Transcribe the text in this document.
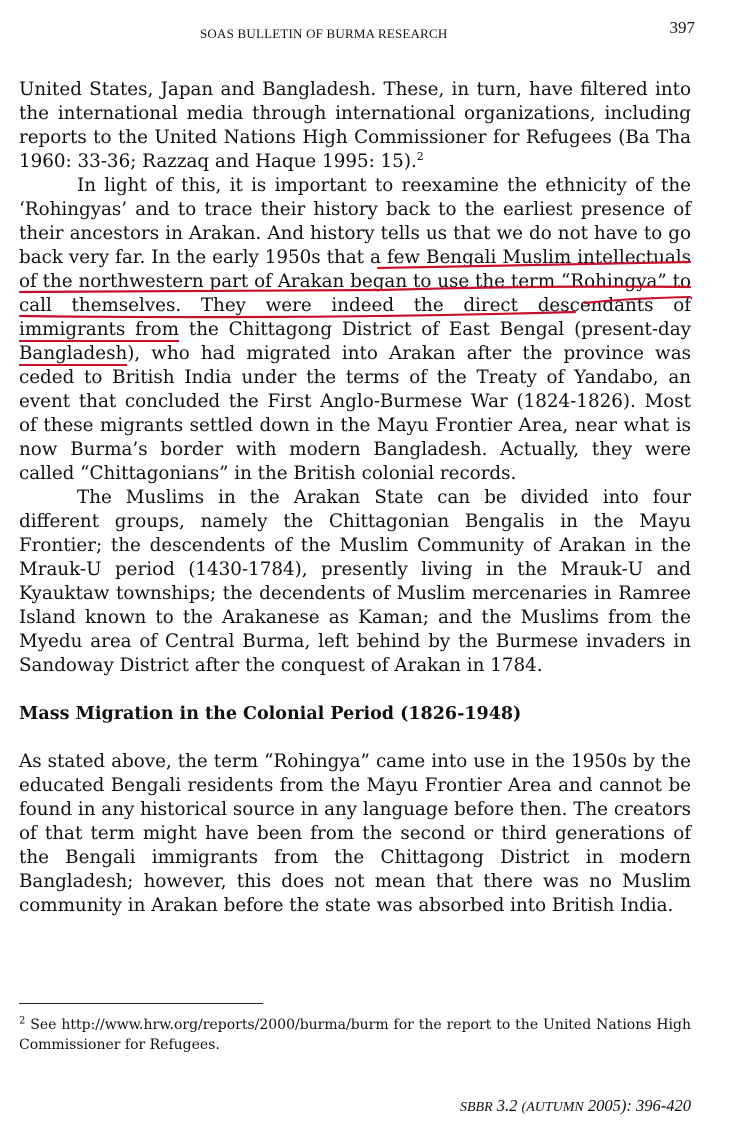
SOAS BULLETIN OF BURMA RESEARCH	397

United States, Japan and Bangladesh. These, in turn, have filtered into the international media through international organizations, including reports to the United Nations High Commissioner for Refugees (Ba Tha 1960: 33-36; Razzaq and Haque 1995: 15).$^2$

In light of this, it is important to reexamine the ethnicity of the ‘Rohingyas’ and to trace their history back to the earliest presence of their ancestors in Arakan. And history tells us that we do not have to go back very far. In the early 1950s that a few Bengali Muslim intellectuals of the northwestern part of Arakan began to use the term “Rohingya” to call themselves. They were indeed the direct descendants of immigrants from the Chittagong District of East Bengal (present-day Bangladesh), who had migrated into Arakan after the province was ceded to British India under the terms of the Treaty of Yandabo, an event that concluded the First Anglo-Burmese War (1824-1826). Most of these migrants settled down in the Mayu Frontier Area, near what is now Burma’s border with modern Bangladesh. Actually, they were called “Chittagonians” in the British colonial records.

The Muslims in the Arakan State can be divided into four different groups, namely the Chittagonian Bengalis in the Mayu Frontier; the descendents of the Muslim Community of Arakan in the Mrauk-U period (1430-1784), presently living in the Mrauk-U and Kyauktaw townships; the decendents of Muslim mercenaries in Ramree Island known to the Arakanese as Kaman; and the Muslims from the Myedu area of Central Burma, left behind by the Burmese invaders in Sandoway District after the conquest of Arakan in 1784.

Mass Migration in the Colonial Period (1826-1948)

As stated above, the term “Rohingya” came into use in the 1950s by the educated Bengali residents from the Mayu Frontier Area and cannot be found in any historical source in any language before then. The creators of that term might have been from the second or third generations of the Bengali immigrants from the Chittagong District in modern Bangladesh; however, this does not mean that there was no Muslim community in Arakan before the state was absorbed into British India.

$^2$ See http://www.hrw.org/reports/2000/burma/burm for the report to the United Nations High Commissioner for Refugees.
SBBR 3.2 (AUTUMN 2005): 396-420
